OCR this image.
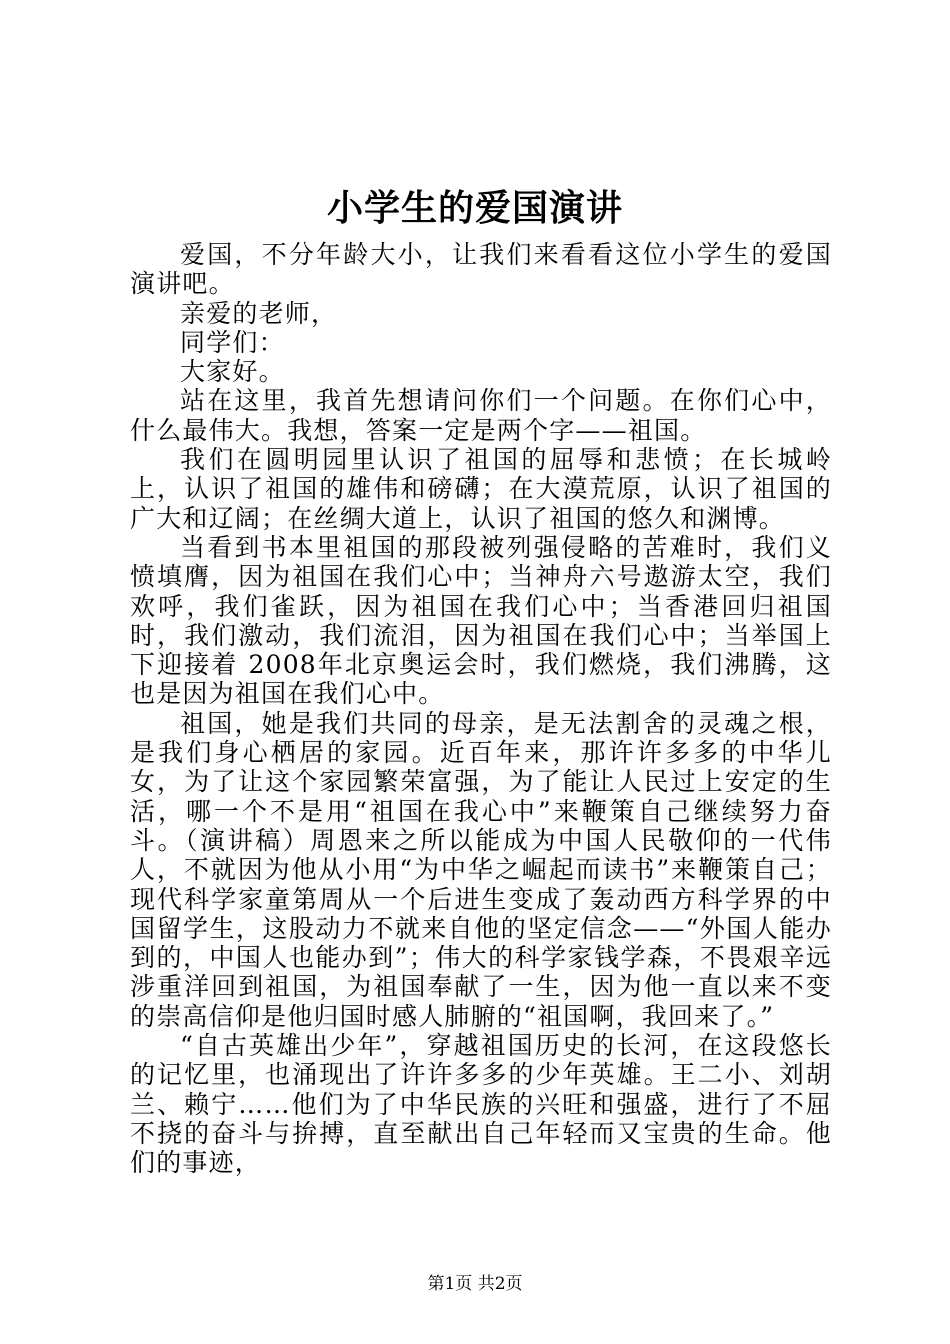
小学生的爱国演讲

爱国，不分年龄大小，让我们来看看这位小学生的爱国演讲吧。

亲爱的老师，

同学们：

大家好。

站在这里，我首先想请问你们一个问题。在你们心中，什么最伟大。我想，答案一定是两个字——祖国。

我们在圆明园里认识了祖国的屈辱和悲愤；在长城岭上，认识了祖国的雄伟和磅礴；在大漠荒原，认识了祖国的广大和辽阔；在丝绸大道上，认识了祖国的悠久和渊博。

当看到书本里祖国的那段被列强侵略的苦难时，我们义愤填膺，因为祖国在我们心中；当神舟六号遨游太空，我们欢呼，我们雀跃，因为祖国在我们心中；当香港回归祖国时，我们激动，我们流泪，因为祖国在我们心中；当举国上下迎接着 2008年北京奥运会时，我们燃烧，我们沸腾，这也是因为祖国在我们心中。

祖国，她是我们共同的母亲，是无法割舍的灵魂之根，是我们身心栖居的家园。近百年来，那许许多多的中华儿女，为了让这个家园繁荣富强，为了能让人民过上安定的生活，哪一个不是用“祖国在我心中”来鞭策自己继续努力奋斗。（演讲稿）周恩来之所以能成为中国人民敬仰的一代伟人，不就因为他从小用“为中华之崛起而读书”来鞭策自己；现代科学家童第周从一个后进生变成了轰动西方科学界的中国留学生，这股动力不就来自他的坚定信念——“外国人能办到的，中国人也能办到”；伟大的科学家钱学森，不畏艰辛远涉重洋回到祖国，为祖国奉献了一生，因为他一直以来不变的崇高信仰是他归国时感人肺腑的“祖国啊，我回来了。”

“自古英雄出少年”，穿越祖国历史的长河，在这段悠长的记忆里，也涌现出了许许多多的少年英雄。王二小、刘胡兰、赖宁……他们为了中华民族的兴旺和强盛，进行了不屈不挠的奋斗与拚搏，直至献出自己年轻而又宝贵的生命。他们的事迹，

第1页 共2页
